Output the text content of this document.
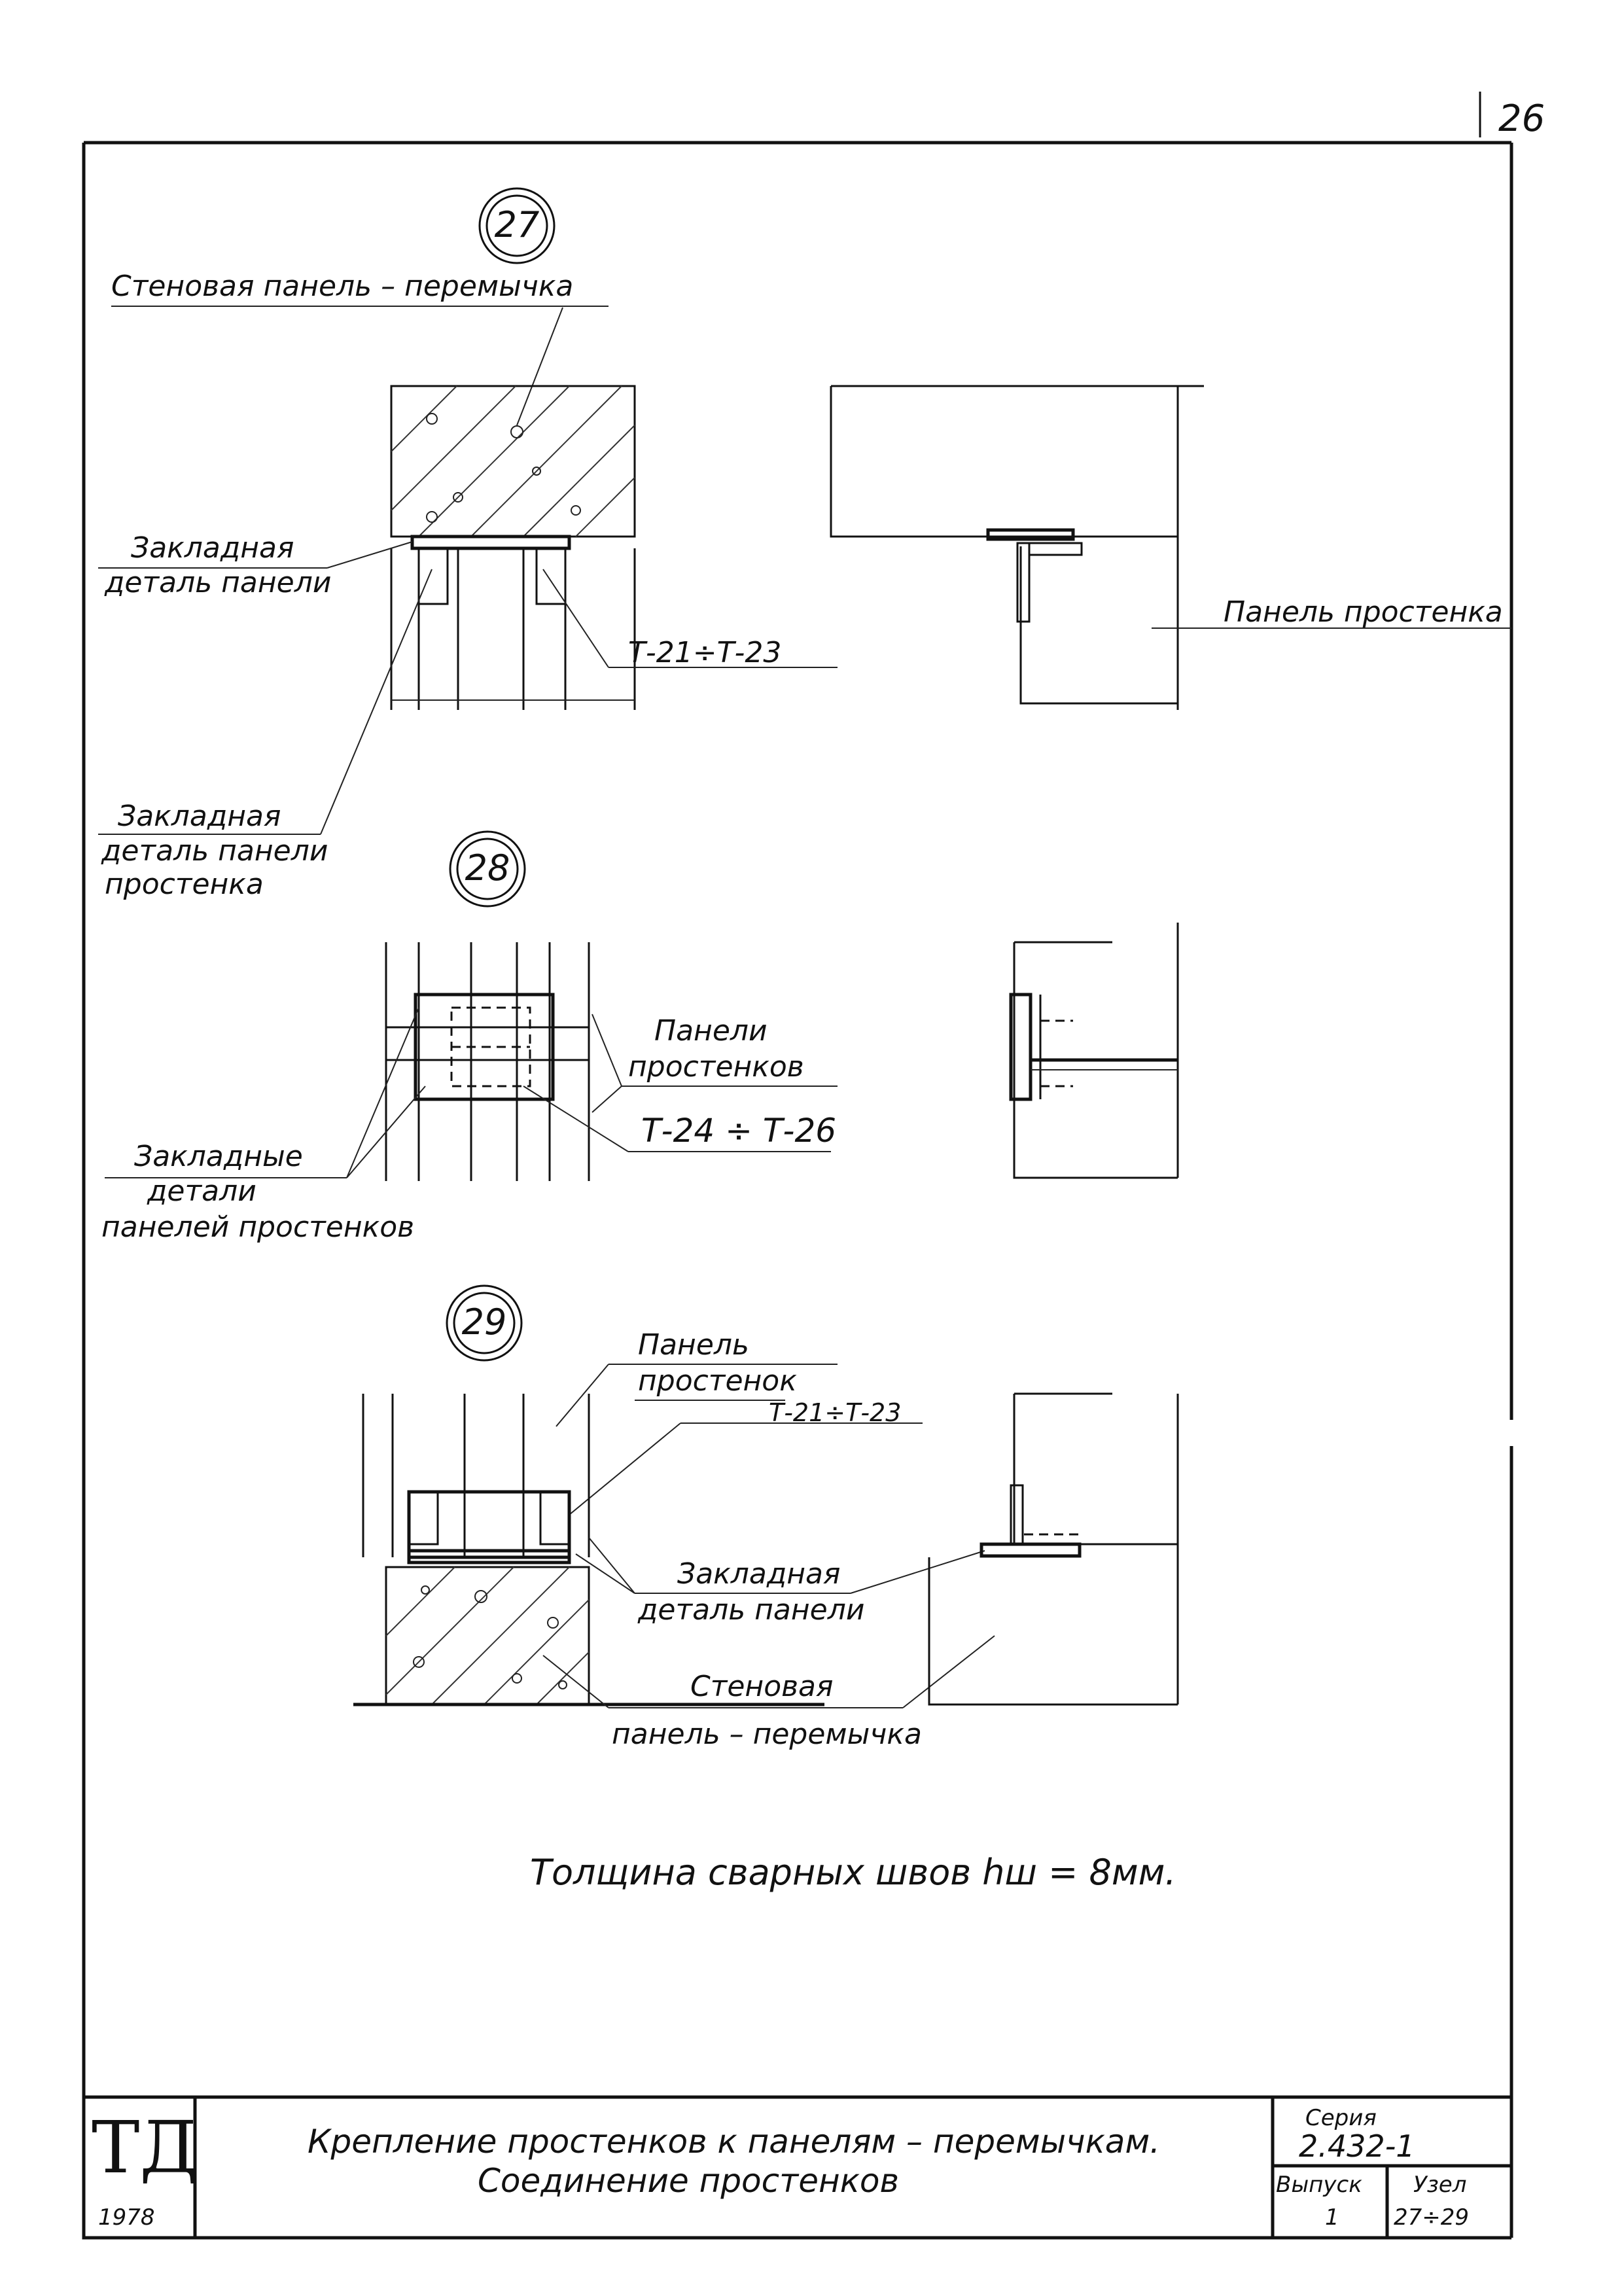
26
27
Стеновая панель – перемычка
Закладная
деталь панели
Т-21÷Т-23
Закладная
деталь панели
простенка
Панель простенка
28
Панели
простенков
Т-24 ÷ Т-26
Закладные
детали
панелей простенков
29
Панель
простенок
Т-21÷Т-23
Закладная
деталь панели
Стеновая
панель – перемычка
Толщина сварных швов hш = 8мм.
ТД
1978
Крепление простенков к панелям – перемычкам.
Соединение простенков
Серия
2.432-1
Выпуск
1
Узел
27÷29
